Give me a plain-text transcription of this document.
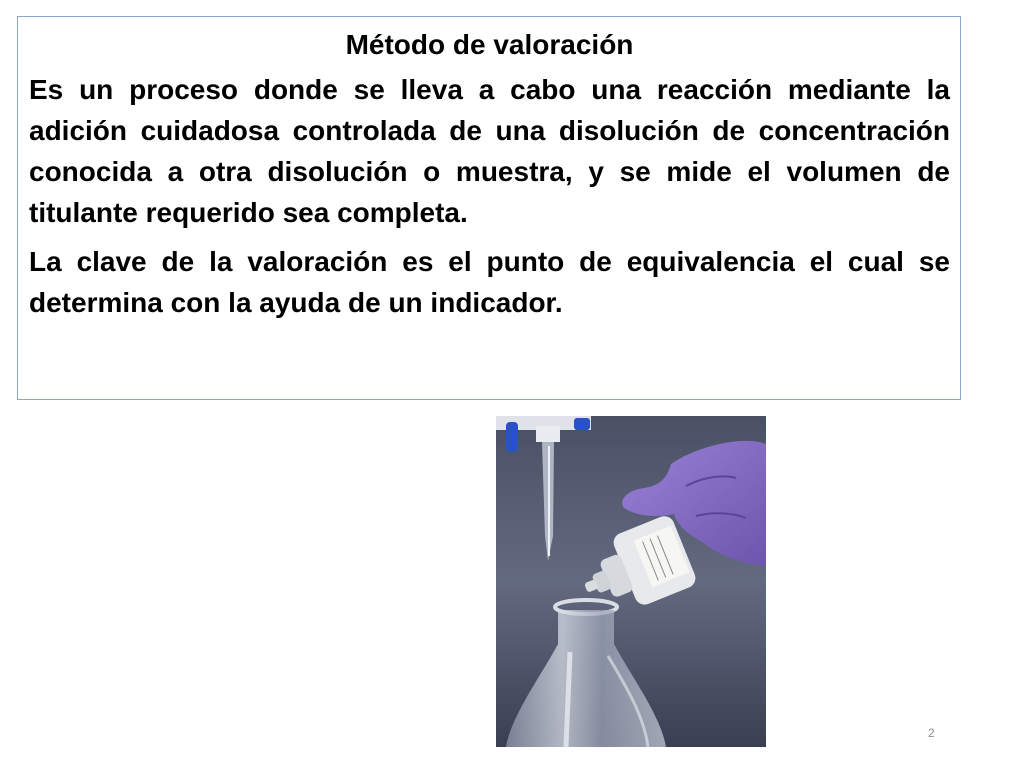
Método de valoración

Es un proceso donde se lleva a cabo una reacción mediante la adición cuidadosa controlada de una disolución de concentración conocida a otra disolución o muestra, y se mide el volumen de titulante requerido sea completa.

La clave de la valoración es el punto de equivalencia el cual se determina con la ayuda de un indicador.

2
